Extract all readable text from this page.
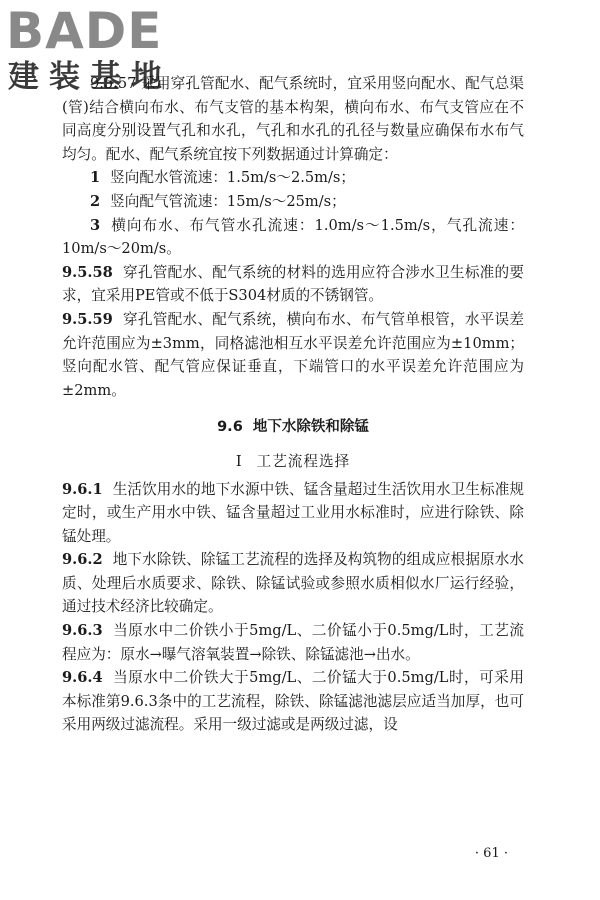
BADE
建装基地

9.5.57 采用穿孔管配水、配气系统时，宜采用竖向配水、配气总渠(管)结合横向布水、布气支管的基本构架，横向布水、布气支管应在不同高度分别设置气孔和水孔，气孔和水孔的孔径与数量应确保布水布气均匀。配水、配气系统宜按下列数据通过计算确定：

1 竖向配水管流速：1.5m/s～2.5m/s；

2 竖向配气管流速：15m/s～25m/s；

3 横向布水、布气管水孔流速：1.0m/s～1.5m/s，气孔流速：10m/s～20m/s。

9.5.58 穿孔管配水、配气系统的材料的选用应符合涉水卫生标准的要求，宜采用PE管或不低于S304材质的不锈钢管。

9.5.59 穿孔管配水、配气系统，横向布水、布气管单根管，水平误差允许范围应为±3mm，同格滤池相互水平误差允许范围应为±10mm；竖向配水管、配气管应保证垂直，下端管口的水平误差允许范围应为±2mm。

9.6 地下水除铁和除锰
I 工艺流程选择

9.6.1 生活饮用水的地下水源中铁、锰含量超过生活饮用水卫生标准规定时，或生产用水中铁、锰含量超过工业用水标准时，应进行除铁、除锰处理。

9.6.2 地下水除铁、除锰工艺流程的选择及构筑物的组成应根据原水水质、处理后水质要求、除铁、除锰试验或参照水质相似水厂运行经验，通过技术经济比较确定。

9.6.3 当原水中二价铁小于5mg/L、二价锰小于0.5mg/L时，工艺流程应为：原水→曝气溶氧装置→除铁、除锰滤池→出水。

9.6.4 当原水中二价铁大于5mg/L、二价锰大于0.5mg/L时，可采用本标准第9.6.3条中的工艺流程，除铁、除锰滤池滤层应适当加厚，也可采用两级过滤流程。采用一级过滤或是两级过滤，设

· 61 ·
